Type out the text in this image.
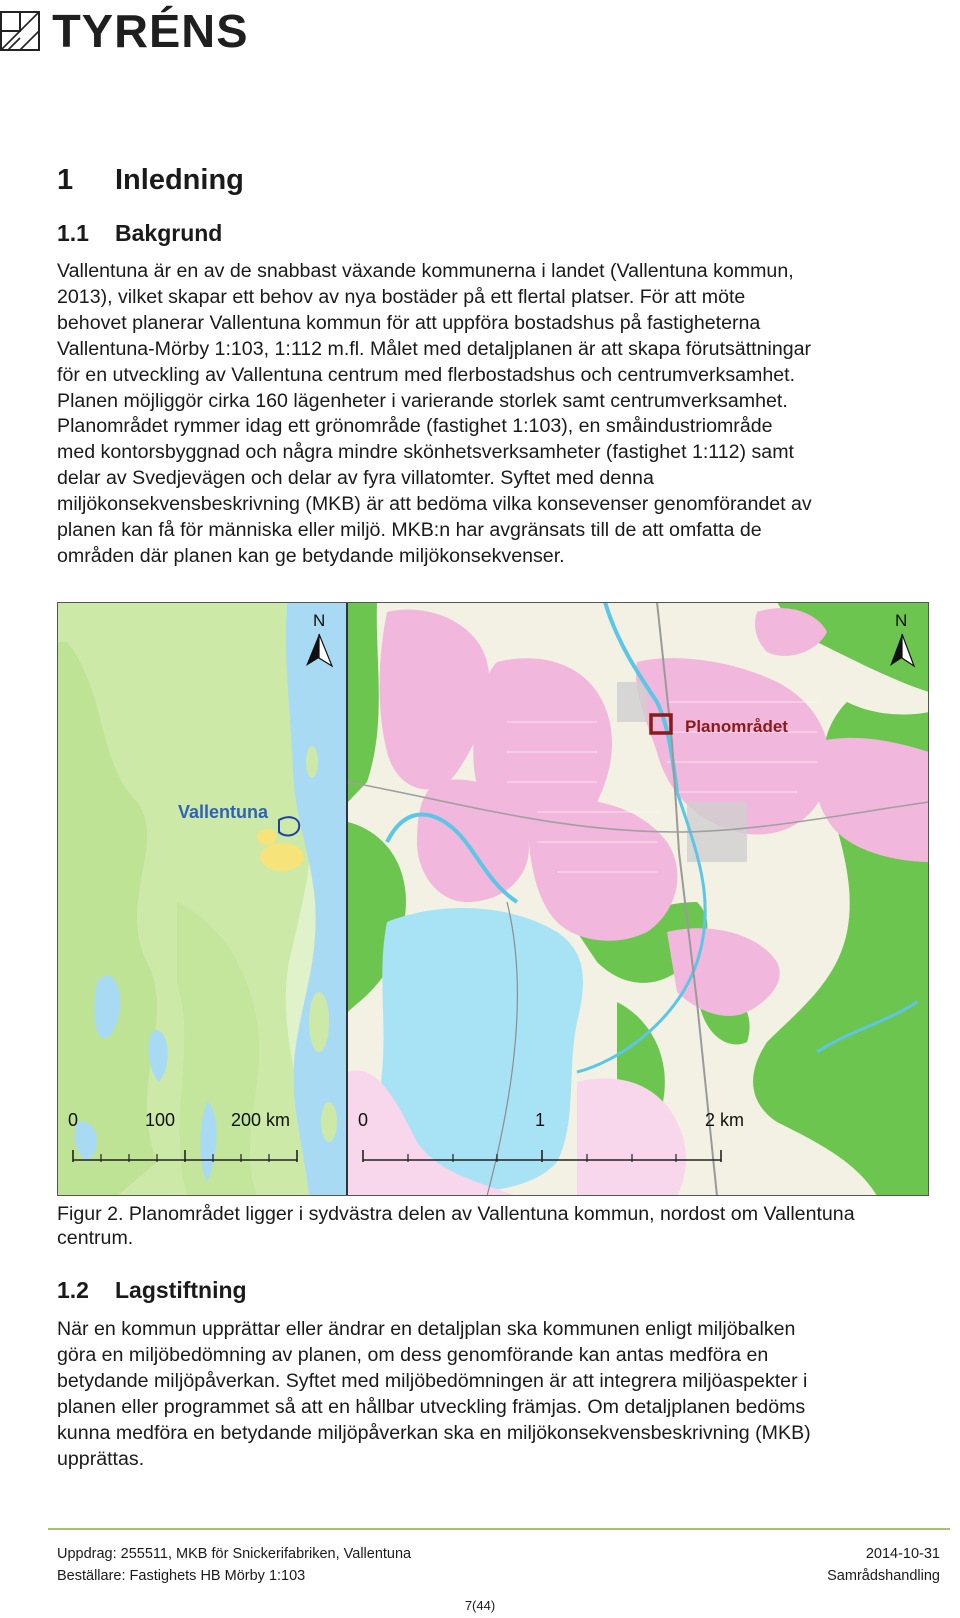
TYRÉNS
1 Inledning
1.1 Bakgrund

Vallentuna är en av de snabbast växande kommunerna i landet (Vallentuna kommun,
2013), vilket skapar ett behov av nya bostäder på ett flertal platser. För att möte
behovet planerar Vallentuna kommun för att uppföra bostadshus på fastigheterna
Vallentuna-Mörby 1:103, 1:112 m.fl. Målet med detaljplanen är att skapa förutsättningar
för en utveckling av Vallentuna centrum med flerbostadshus och centrumverksamhet.
Planen möjliggör cirka 160 lägenheter i varierande storlek samt centrumverksamhet.
Planområdet rymmer idag ett grönområde (fastighet 1:103), en småindustriområde
med kontorsbyggnad och några mindre skönhetsverksamheter (fastighet 1:112) samt
delar av Svedjevägen och delar av fyra villatomter. Syftet med denna
miljökonsekvensbeskrivning (MKB) är att bedöma vilka konsevenser genomförandet av
planen kan få för människa eller miljö. MKB:n har avgränsats till de att omfatta de
områden där planen kan ge betydande miljökonsekvenser.

Vallentuna
N
0	100	200 km
Planområdet
N
0	1	2 km

Figur 2. Planområdet ligger i sydvästra delen av Vallentuna kommun, nordost om Vallentuna
centrum.

1.2 Lagstiftning

När en kommun upprättar eller ändrar en detaljplan ska kommunen enligt miljöbalken
göra en miljöbedömning av planen, om dess genomförande kan antas medföra en
betydande miljöpåverkan. Syftet med miljöbedömningen är att integrera miljöaspekter i
planen eller programmet så att en hållbar utveckling främjas. Om detaljplanen bedöms
kunna medföra en betydande miljöpåverkan ska en miljökonsekvensbeskrivning (MKB)
upprättas.

Uppdrag: 255511, MKB för Snickerifabriken, Vallentuna
Beställare: Fastighets HB Mörby 1:103
2014-10-31
Samrådshandling
7(44)
